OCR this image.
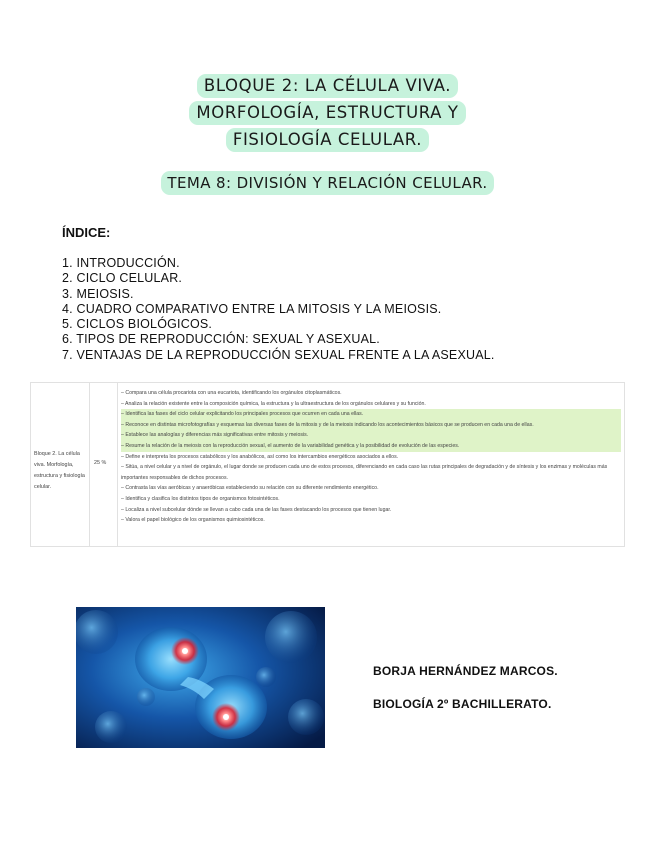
BLOQUE 2: LA CÉLULA VIVA.
MORFOLOGÍA, ESTRUCTURA Y
FISIOLOGÍA CELULAR.
TEMA 8: DIVISIÓN Y RELACIÓN CELULAR.
ÍNDICE:
1. INTRODUCCIÓN.
2. CICLO CELULAR.
3. MEIOSIS.
4. CUADRO COMPARATIVO ENTRE LA MITOSIS Y LA MEIOSIS.
5. CICLOS BIOLÓGICOS.
6. TIPOS DE REPRODUCCIÓN: SEXUAL Y ASEXUAL.
7. VENTAJAS DE LA REPRODUCCIÓN SEXUAL FRENTE A LA ASEXUAL.
Bloque 2. La célula viva. Morfología, estructura y fisiología celular.
25 %
– Compara una célula procariota con una eucariota, identificando los orgánulos citoplasmáticos.
– Analiza la relación existente entre la composición química, la estructura y la ultraestructura de los orgánulos celulares y su función.
– Identifica las fases del ciclo celular explicitando los principales procesos que ocurren en cada una ellas.
– Reconoce en distintas microfotografías y esquemas las diversas fases de la mitosis y de la meiosis indicando los acontecimientos básicos que se producen en cada una de ellas.
– Establece las analogías y diferencias más significativas entre mitosis y meiosis.
– Resume la relación de la meiosis con la reproducción sexual, el aumento de la variabilidad genética y la posibilidad de evolución de las especies.
– Define e interpreta los procesos catabólicos y los anabólicos, así como los intercambios energéticos asociados a ellos.
– Sitúa, a nivel celular y a nivel de orgánulo, el lugar donde se producen cada uno de estos procesos, diferenciando en cada caso las rutas principales de degradación y de síntesis y los enzimas y moléculas más importantes responsables de dichos procesos.
– Contrasta las vías aeróbicas y anaeróbicas estableciendo su relación con su diferente rendimiento energético.
– Identifica y clasifica los distintos tipos de organismos fotosintéticos.
– Localiza a nivel subcelular dónde se llevan a cabo cada una de las fases destacando los procesos que tienen lugar.
– Valora el papel biológico de los organismos quimiosintéticos.
BORJA HERNÁNDEZ MARCOS.
BIOLOGÍA 2º BACHILLERATO.
